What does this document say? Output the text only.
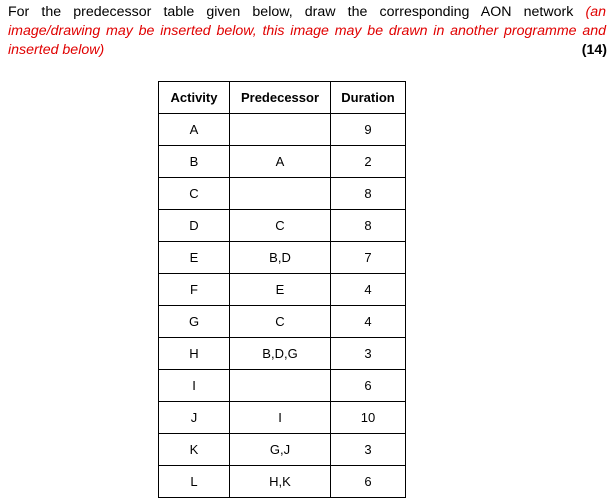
For the predecessor table given below, draw the corresponding AON network (an image/drawing may be inserted below, this image may be drawn in another programme and inserted below)	(14)
Activity	Predecessor	Duration
A		9
B	A	2
C		8
D	C	8
E	B,D	7
F	E	4
G	C	4
H	B,D,G	3
I		6
J	I	10
K	G,J	3
L	H,K	6
